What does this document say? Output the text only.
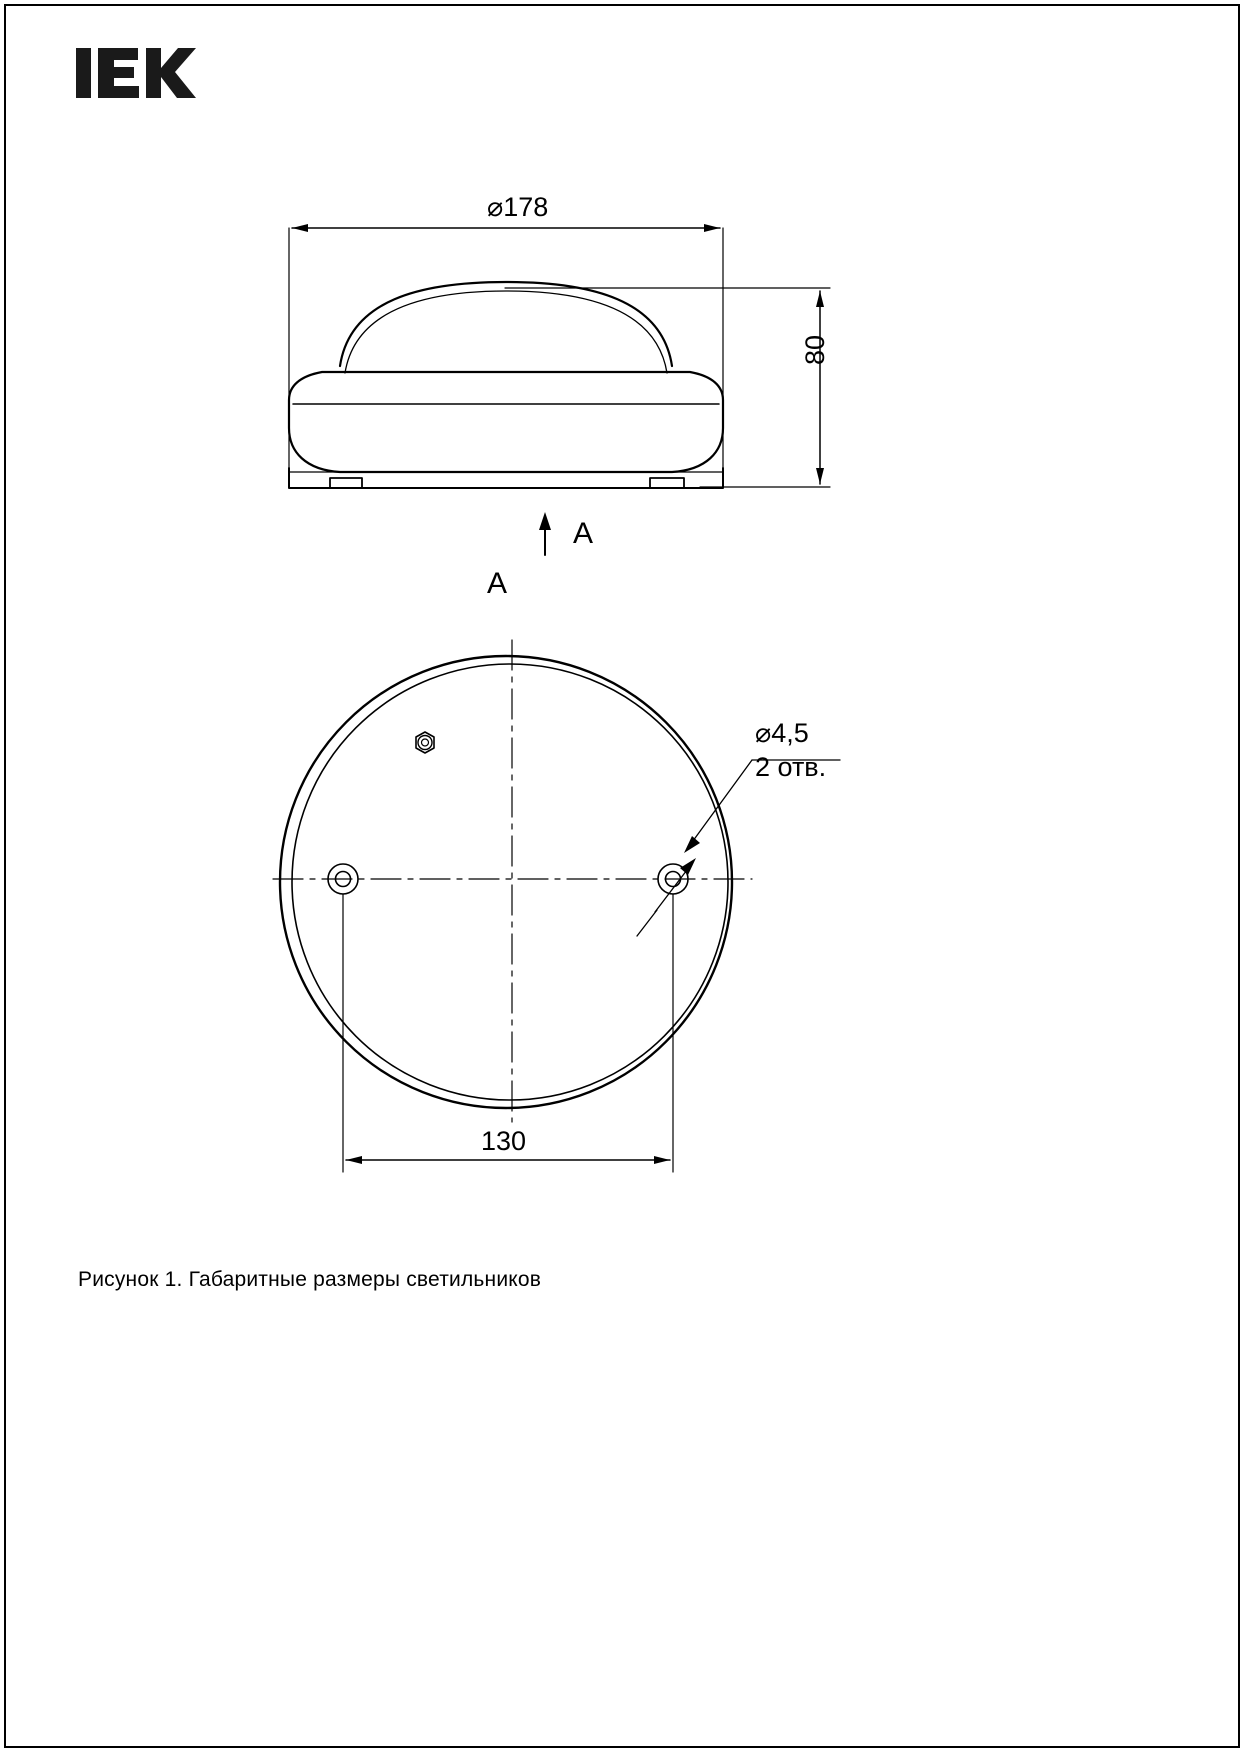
⌀178
80
A
A
⌀4,5
2 отв.
130
Рисунок 1. Габаритные размеры светильников
